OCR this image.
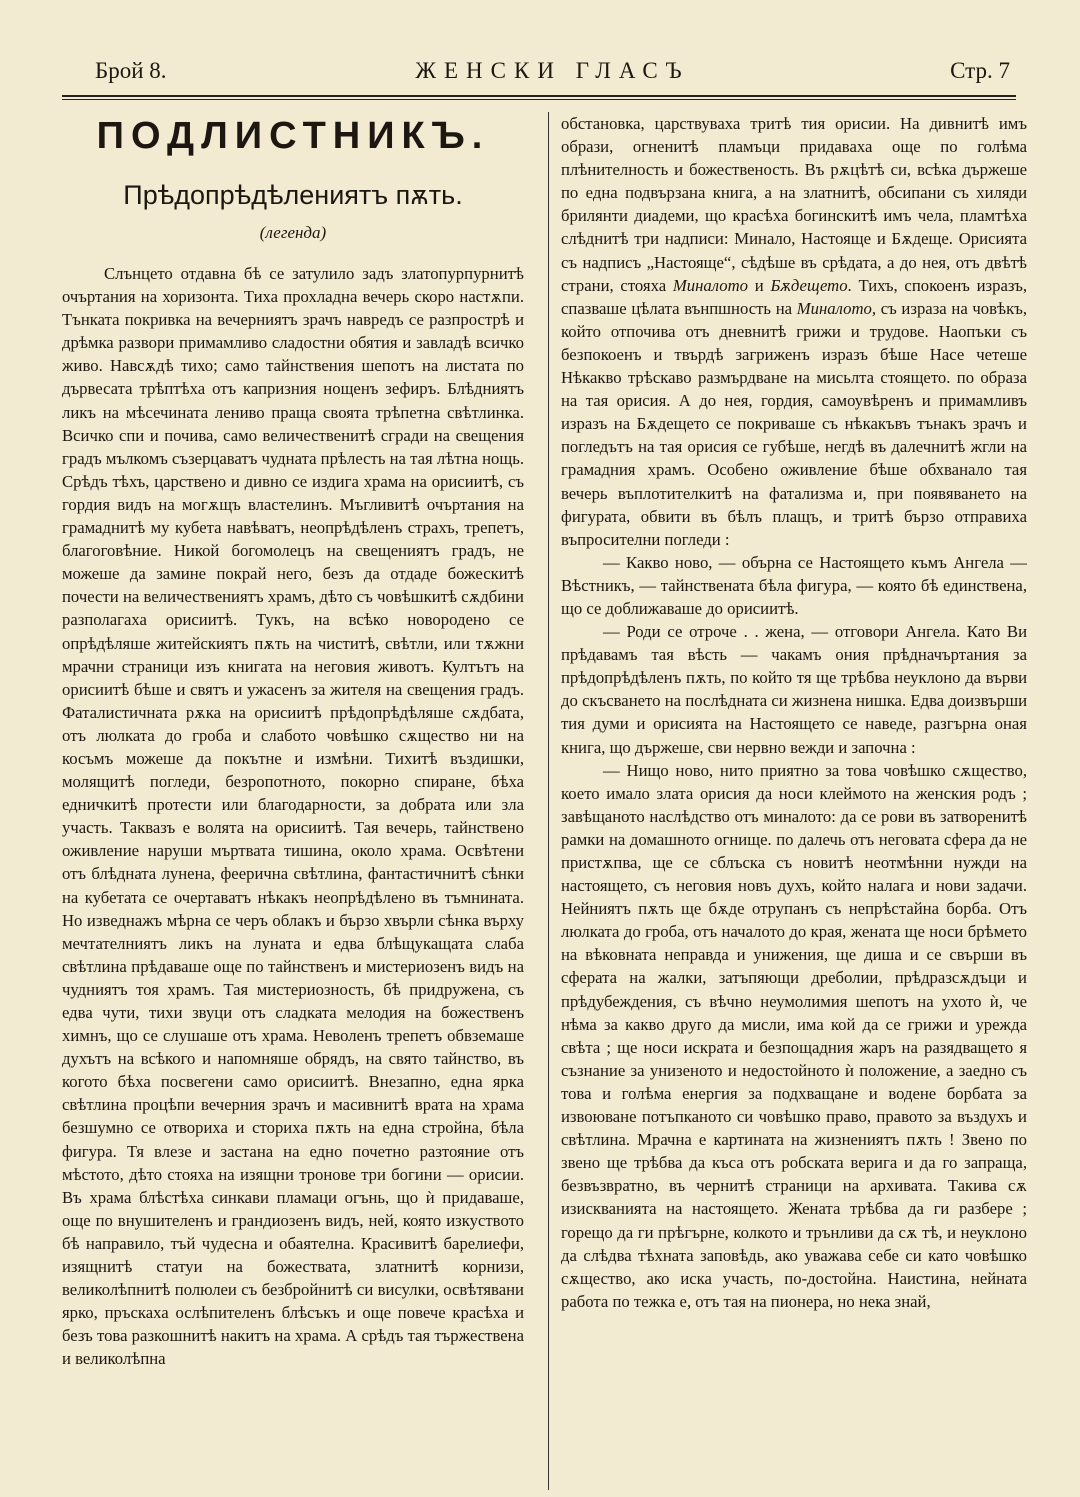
Брой 8.	ЖЕНСКИ ГЛАСЪ	Стр. 7
ПОДЛИСТНИКЪ.
Прѣдопрѣдѣлениятъ пѫть.
(легенда)

Слънцето отдавна бѣ се затулило задъ златопурпурнитѣ очъртания на хоризонта. Тиха прохладна вечерь скоро настѫпи. Тънката покривка на вечерниятъ зрачъ навредъ се разпрострѣ и дрѣмка развори примамливо сладостни обятия и завладѣ всичко живо. Навсѫдѣ тихо; само тайнствения шепотъ на листата по дървесата трѣптѣха отъ капризния нощенъ зефиръ. Блѣдниятъ ликъ на мѣсечината лениво праща своята трѣпетна свѣтлинка. Всичко спи и почива, само величественитѣ сгради на свещения градъ мълкомъ съзерцаватъ чудната прѣлесть на тая лѣтна нощь. Срѣдъ тѣхъ, царствено и дивно се издига храма на орисиитѣ, съ гордия видъ на могѫщъ властелинъ. Мъгливитѣ очъртания на грамаднитѣ му кубета навѣватъ, неопрѣдѣленъ страхъ, трепетъ, благоговѣние. Никой богомолецъ на свещениятъ градъ, не можеше да замине покрай него, безъ да отдаде божескитѣ почести на величествениятъ храмъ, дѣто съ човѣшкитѣ сѫдбини разполагаха орисиитѣ. Тукъ, на всѣко новородено се опрѣдѣляше житейскиятъ пѫть на чиститѣ, свѣтли, или тѫжни мрачни страници изъ книгата на неговия животъ. Култътъ на орисиитѣ бѣше и святъ и ужасенъ за жителя на свещения градъ. Фаталистичната рѫка на орисиитѣ прѣдопрѣдѣляше сѫдбата, отъ люлката до гроба и слабото човѣшко сѫщество ни на косъмъ можеше да покътне и измѣни. Тихитѣ въздишки, молящитѣ погледи, безропотното, покорно спиране, бѣха едничкитѣ протести или благодарности, за добрата или зла участь. Таквазъ е волята на орисиитѣ. Тая вечерь, тайнствено оживление наруши мъртвата тишина, около храма. Освѣтени отъ блѣдната лунена, феерична свѣтлина, фантастичнитѣ сѣнки на кубетата се очертаватъ нѣкакъ неопрѣдѣлено въ тъмнината. Но изведнажъ мѣрна се черъ облакъ и бързо хвърли сѣнка върху мечтателниятъ ликъ на луната и едва блѣщукащата слаба свѣтлина прѣдаваше още по тайнственъ и мистериозенъ видъ на чудниятъ тоя храмъ. Тая мистериозность, бѣ придружена, съ едва чути, тихи звуци отъ сладката мелодия на божественъ химнъ, що се слушаше отъ храма. Неволенъ трепетъ обвземаше духътъ на всѣкого и напомняше обрядъ, на свято тайнство, въ когото бѣха посвегени само орисиитѣ. Внезапно, една ярка свѣтлина процѣпи вечерния зрачъ и масивнитѣ врата на храма безшумно се отвориха и сториха пѫть на една стройна, бѣла фигура. Тя влезе и застана на едно почетно разтояние отъ мѣстото, дѣто стояха на изящни тронове три богини — орисии. Въ храма блѣстѣха синкави пламаци огънь, що ѝ придаваше, още по внушителенъ и грандиозенъ видъ, ней, която изкуството бѣ направило, тъй чудесна и обаятелна. Красивитѣ барелиефи, изящнитѣ статуи на божествата, златнитѣ корнизи, великолѣпнитѣ полюлеи съ безбройнитѣ си висулки, освѣтявани ярко, пръскаха ослѣпителенъ блѣсъкъ и още повече красѣха и безъ това разкошнитѣ накитъ на храма. А срѣдъ тая тържествена и великолѣпна

обстановка, царствуваха тритѣ тия орисии. На дивнитѣ имъ образи, огненитѣ пламъци придаваха още по голѣма плѣнителность и божественость. Въ рѫцѣтѣ си, всѣка държеше по една подвързана книга, а на златнитѣ, обсипани съ хиляди брилянти диадеми, що красѣха богинскитѣ имъ чела, пламтѣха слѣднитѣ три надписи: Минало, Настояще и Бѫдеще. Орисията съ надписъ „Настояще“, сѣдѣше въ срѣдата, а до нея, отъ двѣтѣ страни, стояха Миналото и Бѫдещето. Тихъ, спокоенъ изразъ, спазваше цѣлата вънпшность на Миналото, съ израза на човѣкъ, който отпочива отъ дневнитѣ грижи и трудове. Наопъки съ безпокоенъ и твърдѣ загриженъ изразъ бѣше Насе четеше Нѣкакво трѣскаво размърдване на мисьлта стоящето. по образа на тая орисия. А до нея, гордия, самоувѣренъ и примамливъ изразъ на Бѫдещето се покриваше съ нѣкакъвъ тънакъ зрачъ и погледътъ на тая орисия се губѣше, негдѣ въ далечнитѣ жгли на грамадния храмъ. Особено оживление бѣше обхванало тая вечерь въплотителкитѣ на фатализма и, при появяването на фигурата, обвити въ бѣлъ плащъ, и тритѣ бързо отправиха въпросителни погледи :

— Какво ново, — обърна се Настоящето къмъ Ангела — Вѣстникъ, — тайнствената бѣла фигура, — която бѣ единствена, що се доближаваше до орисиитѣ.

— Роди се отроче . . жена, — отговори Ангела. Като Ви прѣдавамъ тая вѣсть — чакамъ ония прѣдначъртания за прѣдопрѣдѣленъ пѫть, по който тя ще трѣбва неуклоно да върви до скъсването на послѣдната си жизнена нишка. Едва доизвърши тия думи и орисията на Настоящето се наведе, разгърна оная книга, що държеше, сви нервно вежди и започна :

— Нищо ново, нито приятно за това човѣшко сѫщество, което имало злата орисия да носи клеймото на женския родъ ; завѣщаното наслѣдство отъ миналото: да се рови въ затворенитѣ рамки на домашното огнище. по далечь отъ неговата сфера да не пристѫпва, ще се сблъска съ новитѣ неотмѣнни нужди на настоящето, съ неговия новъ духъ, който налага и нови задачи. Нейниятъ пѫть ще бѫде отрупанъ съ непрѣстайна борба. Отъ люлката до гроба, отъ началото до края, жената ще носи брѣмето на вѣковната неправда и унижения, ще диша и се свърши въ сферата на жалки, затъпяющи дреболии, прѣдразсѫдъци и прѣдубеждения, съ вѣчно неумолимия шепотъ на ухото ѝ, че нѣма за какво друго да мисли, има кой да се грижи и урежда свѣта ; ще носи искрата и безпощадния жаръ на разядващето я съзнание за унизеното и недостойното ѝ положение, а заедно съ това и голѣма енергия за подхващане и водене борбата за извоюване потъпканото си човѣшко право, правото за въздухъ и свѣтлина. Мрачна е картината на жизнениятъ пѫть ! Звено по звено ще трѣбва да къса отъ робската верига и да го запраща, безвъзвратно, въ чернитѣ страници на архивата. Такива сѫ изискванията на настоящето. Жената трѣбва да ги разбере ; горещо да ги прѣгърне, колкото и трънливи да сѫ тѣ, и неуклоно да слѣдва тѣхната заповѣдь, ако уважава себе си като човѣшко сѫщество, ако иска участь, по-достойна. Наистина, нейната работа по тежка е, отъ тая на пионера, но нека знай,
